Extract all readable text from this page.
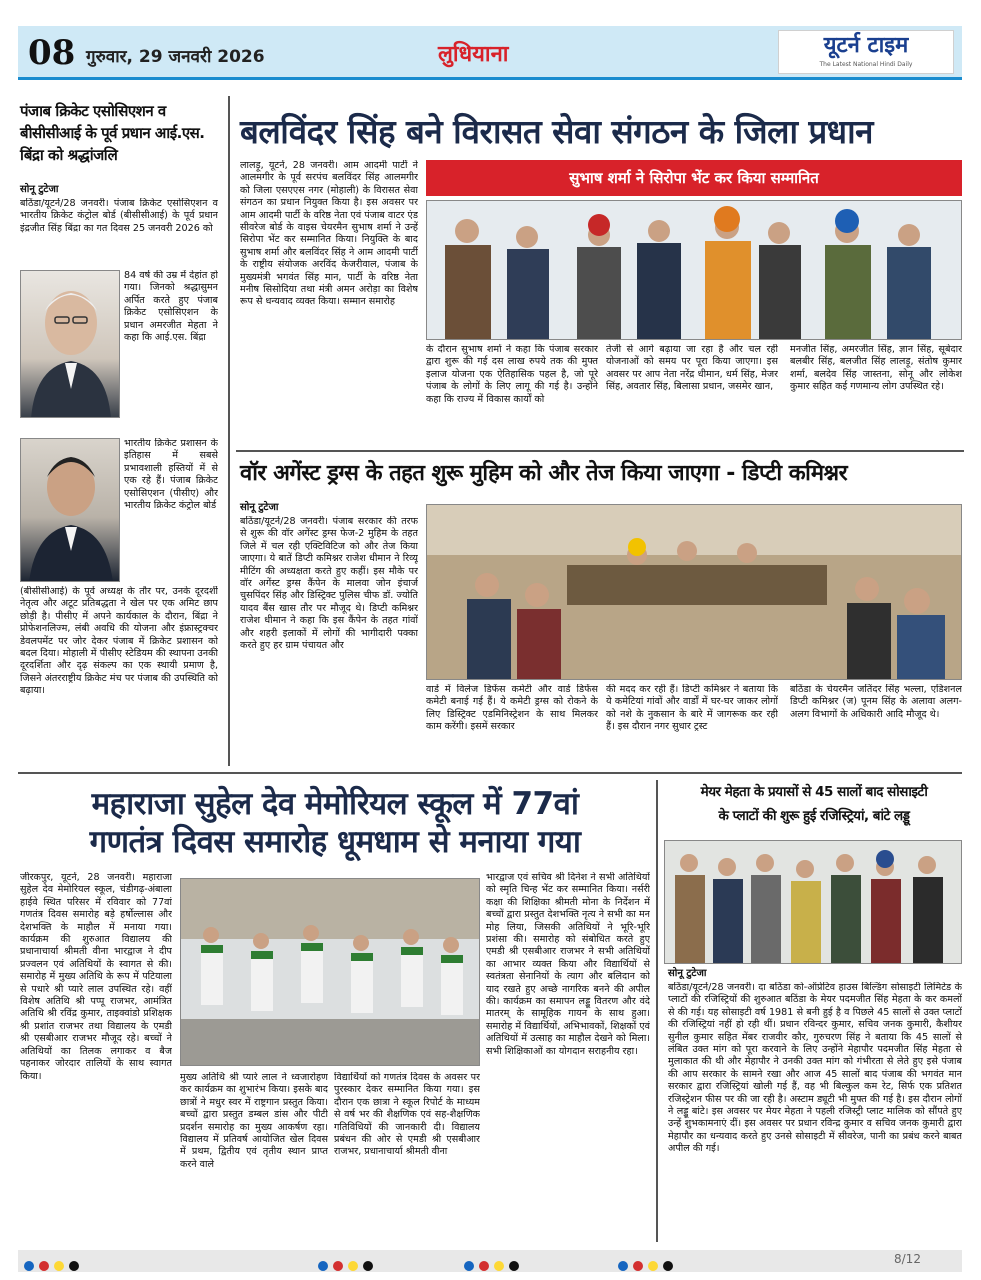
08 गुरुवार, 29 जनवरी 2026	लुधियाना	यूटर्न टाइम
The Latest National Hindi Daily
पंजाब क्रिकेट एसोसिएशन व बीसीसीआई के पूर्व प्रधान आई.एस. बिंद्रा को श्रद्धांजलि
सोनू टुटेजा
बठिंडा/यूटर्न/28 जनवरी। पंजाब क्रिकेट एसोसिएशन व भारतीय क्रिकेट कंट्रोल बोर्ड (बीसीसीआई) के पूर्व प्रधान इंद्रजीत सिंह बिंद्रा का गत दिवस 25 जनवरी 2026 को
84 वर्ष की उम्र में देहांत हो गया। जिनको श्रद्धासुमन अर्पित करते हुए पंजाब क्रिकेट एसोसिएशन के प्रधान अमरजीत मेहता ने कहा कि आई.एस. बिंद्रा
भारतीय क्रिकेट प्रशासन के इतिहास में सबसे प्रभावशाली हस्तियों में से एक रहे हैं। पंजाब क्रिकेट एसोसिएशन (पीसीए) और भारतीय क्रिकेट कंट्रोल बोर्ड
(बीसीसीआई) के पूर्व अध्यक्ष के तौर पर, उनके दूरदर्शी नेतृत्व और अटूट प्रतिबद्धता ने खेल पर एक अमिट छाप छोड़ी है। पीसीए में अपने कार्यकाल के दौरान, बिंद्रा ने प्रोफेशनलिज्म, लंबी अवधि की योजना और इंफ्रास्ट्रक्चर डेवलपमेंट पर जोर देकर पंजाब में क्रिकेट प्रशासन को बदल दिया। मोहाली में पीसीए स्टेडियम की स्थापना उनकी दूरदर्शिता और दृढ़ संकल्प का एक स्थायी प्रमाण है, जिसने अंतरराष्ट्रीय क्रिकेट मंच पर पंजाब की उपस्थिति को बढ़ाया।
बलविंदर सिंह बने विरासत सेवा संगठन के जिला प्रधान
सुभाष शर्मा ने सिरोपा भेंट कर किया सम्मानित
लालड़ू, यूटर्न, 28 जनवरी। आम आदमी पार्टी ने आलमगीर के पूर्व सरपंच बलविंदर सिंह आलमगीर को जिला एसएएस नगर (मोहाली) के विरासत सेवा संगठन का प्रधान नियुक्त किया है। इस अवसर पर आम आदमी पार्टी के वरिष्ठ नेता एवं पंजाब वाटर एंड सीवरेज बोर्ड के वाइस चेयरमैन सुभाष शर्मा ने उन्हें सिरोपा भेंट कर सम्मानित किया। नियुक्ति के बाद सुभाष शर्मा और बलविंदर सिंह ने आम आदमी पार्टी के राष्ट्रीय संयोजक अरविंद केजरीवाल, पंजाब के मुख्यमंत्री भगवंत सिंह मान, पार्टी के वरिष्ठ नेता मनीष सिसोदिया तथा मंत्री अमन अरोड़ा का विशेष रूप से धन्यवाद व्यक्त किया। सम्मान समारोह
के दौरान सुभाष शर्मा ने कहा कि पंजाब सरकार द्वारा शुरू की गई दस लाख रुपये तक की मुफ्त इलाज योजना एक ऐतिहासिक पहल है, जो पूरे पंजाब के लोगों के लिए लागू की गई है। उन्होंने कहा कि राज्य में विकास कार्यों को
तेजी से आगे बढ़ाया जा रहा है और चल रही योजनाओं को समय पर पूरा किया जाएगा। इस अवसर पर आप नेता नरेंद्र धीमान, धर्म सिंह, मेजर सिंह, अवतार सिंह, बिलासा प्रधान, जसमेर खान,
मनजीत सिंह, अमरजीत सिंह, ज्ञान सिंह, सूबेदार बलबीर सिंह, बलजीत सिंह लालड़ू, संतोष कुमार शर्मा, बलदेव सिंह जास्तना, सोनू और लोकेश कुमार सहित कई गणमान्य लोग उपस्थित रहे।
वॉर अगेंस्ट ड्रग्स के तहत शुरू मुहिम को और तेज किया जाएगा - डिप्टी कमिश्नर
सोनू टुटेजा
बठिंडा/यूटर्न/28 जनवरी। पंजाब सरकार की तरफ से शुरू की वॉर अगेंस्ट ड्रग्स फेज-2 मुहिम के तहत जिले में चल रही एक्टिविटिज को और तेज किया जाएगा। ये बातें डिप्टी कमिश्नर राजेश धीमान ने रिव्यू मीटिंग की अध्यक्षता करते हुए कहीं। इस मौके पर वॉर अगेंस्ट ड्रग्स कैंपेन के मालवा जोन इंचार्ज चुसपिंदर सिंह और डिस्ट्रिक्ट पुलिस चीफ डॉ. ज्योति यादव बैंस खास तौर पर मौजूद थे। डिप्टी कमिश्नर राजेश धीमान ने कहा कि इस कैंपेन के तहत गांवों और शहरी इलाकों में लोगों की भागीदारी पक्का करते हुए हर ग्राम पंचायत और
वार्ड में विलेज डिफेंस कमेटी और वार्ड डिफेंस कमेटी बनाई गई हैं। ये कमेटी ड्रग्स को रोकने के लिए डिस्ट्रिक्ट एडमिनिस्ट्रेशन के साथ मिलकर काम करेंगी। इसमें सरकार
की मदद कर रही हैं। डिप्टी कमिश्नर ने बताया कि ये कमेटियां गांवों और वार्डों में घर-घर जाकर लोगों को नशे के नुकसान के बारे में जागरूक कर रही हैं। इस दौरान नगर सुधार ट्रस्ट
बठिंडा के चेयरमैन जतिंदर सिंह भल्ला, एडिशनल डिप्टी कमिश्नर (ज) पूनम सिंह के अलावा अलग-अलग विभागों के अधिकारी आदि मौजूद थे।
महाराजा सुहेल देव मेमोरियल स्कूल में 77वां
गणतंत्र दिवस समारोह धूमधाम से मनाया गया
जीरकपुर, यूटर्न, 28 जनवरी। महाराजा सुहेल देव मेमोरियल स्कूल, चंडीगढ़-अंबाला हाईवे स्थित परिसर में रविवार को 77वां गणतंत्र दिवस समारोह बड़े हर्षोल्लास और देशभक्ति के माहौल में मनाया गया। कार्यक्रम की शुरुआत विद्यालय की प्रधानाचार्या श्रीमती वीना भारद्वाज ने दीप प्रज्वलन एवं अतिथियों के स्वागत से की। समारोह में मुख्य अतिथि के रूप में पटियाला से पधारे श्री प्यारे लाल उपस्थित रहे। वहीं विशेष अतिथि श्री पप्पू राजभर, आमंत्रित अतिथि श्री रविंद्र कुमार, ताइक्वांडो प्रशिक्षक श्री प्रशांत राजभर तथा विद्यालय के एमडी श्री एसबीआर राजभर मौजूद रहे। बच्चों ने अतिथियों का तिलक लगाकर व बैज पहनाकर जोरदार तालियों के साथ स्वागत किया।	मुख्य अतिथि श्री प्यारे लाल ने ध्वजारोहण कर कार्यक्रम का शुभारंभ किया। इसके बाद छात्रों ने मधुर स्वर में राष्ट्रगान प्रस्तुत किया। बच्चों द्वारा प्रस्तुत डम्बल डांस और पीटी प्रदर्शन समारोह का मुख्य आकर्षण रहा। विद्यालय में प्रतिवर्ष आयोजित खेल दिवस में प्रथम, द्वितीय एवं तृतीय स्थान प्राप्त करने वाले
विद्यार्थियों को गणतंत्र दिवस के अवसर पर पुरस्कार देकर सम्मानित किया गया। इस दौरान एक छात्रा ने स्कूल रिपोर्ट के माध्यम से वर्ष भर की शैक्षणिक एवं सह-शैक्षणिक गतिविधियों की जानकारी दी। विद्यालय प्रबंधन की ओर से एमडी श्री एसबीआर राजभर, प्रधानाचार्या श्रीमती वीना
भारद्वाज एवं सचिव श्री दिनेश ने सभी अतिथियों को स्मृति चिन्ह भेंट कर सम्मानित किया। नर्सरी कक्षा की शिक्षिका श्रीमती मोना के निर्देशन में बच्चों द्वारा प्रस्तुत देशभक्ति नृत्य ने सभी का मन मोह लिया, जिसकी अतिथियों ने भूरि-भूरि प्रशंसा की। समारोह को संबोधित करते हुए एमडी श्री एसबीआर राजभर ने सभी अतिथियों का आभार व्यक्त किया और विद्यार्थियों से स्वतंत्रता सेनानियों के त्याग और बलिदान को याद रखते हुए अच्छे नागरिक बनने की अपील की। कार्यक्रम का समापन लड्डू वितरण और वंदे मातरम् के सामूहिक गायन के साथ हुआ। समारोह में विद्यार्थियों, अभिभावकों, शिक्षकों एवं अतिथियों में उत्साह का माहौल देखने को मिला। सभी शिक्षिकाओं का योगदान सराहनीय रहा।
मेयर मेहता के प्रयासों से 45 सालों बाद सोसाइटी
के प्लाटों की शुरू हुई रजिस्ट्रियां, बांटे लड्डू
सोनू टुटेजा
बठिंडा/यूटर्न/28 जनवरी। दा बठिंडा को-ऑप्रेटिव हाउस बिल्डिंग सोसाइटी लिमिटेड के प्लाटों की रजिस्ट्रियों की शुरुआत बठिंडा के मेयर पदमजीत सिंह मेहता के कर कमलों से की गई। यह सोसाइटी वर्ष 1981 से बनी हुई है व पिछले 45 सालों से उक्त प्लाटों की रजिस्ट्रियां नहीं हो रही थीं। प्रधान रविन्दर कुमार, सचिव जनक कुमारी, कैशीयर सुनील कुमार सहित मेंबर राजवीर कौर, गुरुचरण सिंह ने बताया कि 45 सालों से लंबित उक्त मांग को पूरा करवाने के लिए उन्होंने मेहापौर पदमजीत सिंह मेहता से मुलाकात की थी और मेहापौर ने उनकी उक्त मांग को गंभीरता से लेते हुए इसे पंजाब की आप सरकार के सामने रखा और आज 45 सालों बाद पंजाब की भगवंत मान सरकार द्वारा रजिस्ट्रियां खोली गई हैं, वह भी बिल्कुल कम रेट, सिर्फ एक प्रतिशत रजिस्ट्रेशन फीस पर की जा रही है। अस्टाम ड्यूटी भी मुफ्त की गई है। इस दौरान लोगों ने लड्डू बांटे। इस अवसर पर मेयर मेहता ने पहली रजिस्ट्री प्लाट मालिक को सौंपते हुए उन्हें शुभकामनाएं दीं। इस अवसर पर प्रधान रविन्द्र कुमार व सचिव जनक कुमारी द्वारा मेहापौर का धन्यवाद करते हुए उनसे सोसाइटी में सीवरेज, पानी का प्रबंध करने बाबत अपील की गई।
8/12
